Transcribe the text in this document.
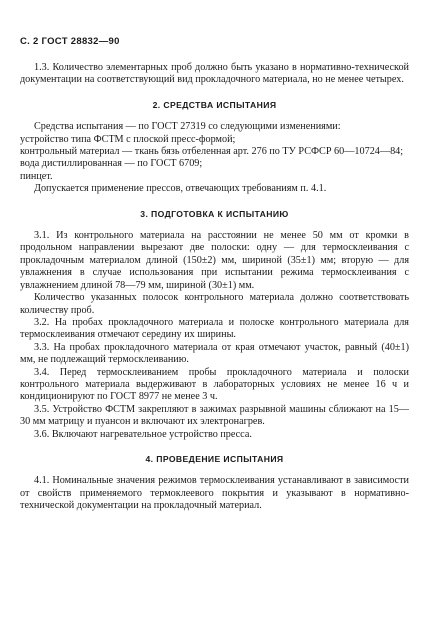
С. 2 ГОСТ 28832—90

1.3. Количество элементарных проб должно быть указано в нормативно-технической документации на соответствующий вид прокладочного материала, но не менее четырех.

2. СРЕДСТВА ИСПЫТАНИЯ

Средства испытания — по ГОСТ 27319 со следующими изменениями:

устройство типа ФСТМ с плоской пресс-формой;

контрольный материал — ткань бязь отбеленная арт. 276 по ТУ РСФСР 60—10724—84;

вода дистиллированная — по ГОСТ 6709;

пинцет.

Допускается применение прессов, отвечающих требованиям п. 4.1.

3. ПОДГОТОВКА К ИСПЫТАНИЮ

3.1. Из контрольного материала на расстоянии не менее 50 мм от кромки в продольном направлении вырезают две полоски: одну — для термосклеивания с прокладочным материалом длиной (150±2) мм, шириной (35±1) мм; вторую — для увлажнения в случае использования при испытании режима термосклеивания с увлажнением длиной 78—79 мм, шириной (30±1) мм.

Количество указанных полосок контрольного материала должно соответствовать количеству проб.

3.2. На пробах прокладочного материала и полоске контрольного материала для термосклеивания отмечают середину их ширины.

3.3. На пробах прокладочного материала от края отмечают участок, равный (40±1) мм, не подлежащий термосклеиванию.

3.4. Перед термосклеиванием пробы прокладочного материала и полоски контрольного материала выдерживают в лабораторных условиях не менее 16 ч и кондиционируют по ГОСТ 8977 не менее 3 ч.

3.5. Устройство ФСТМ закрепляют в зажимах разрывной машины сближают на 15—30 мм матрицу и пуансон и включают их электронагрев.

3.6. Включают нагревательное устройство пресса.

4. ПРОВЕДЕНИЕ ИСПЫТАНИЯ

4.1. Номинальные значения режимов термосклеивания устанавливают в зависимости от свойств применяемого термоклеевого покрытия и указывают в нормативно-технической документации на прокладочный материал.
